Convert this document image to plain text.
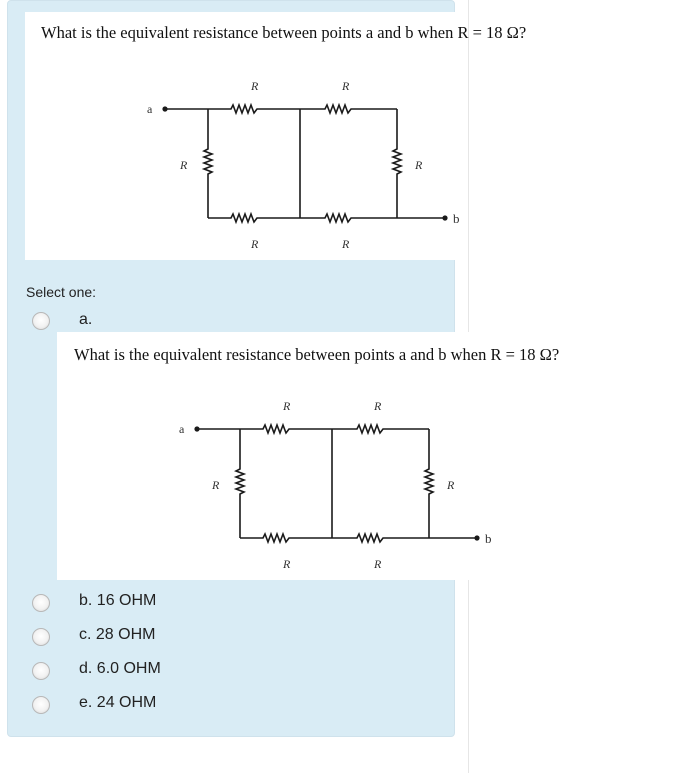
What is the equivalent resistance between points a and b when R = 18 Ω?
a
b
R	R
R	R
R	R
Select one:
a.
What is the equivalent resistance between points a and b when R = 18 Ω?
a
b
R	R
R	R
R	R
b. 16 OHM
c. 28 OHM
d. 6.0 OHM
e. 24 OHM
